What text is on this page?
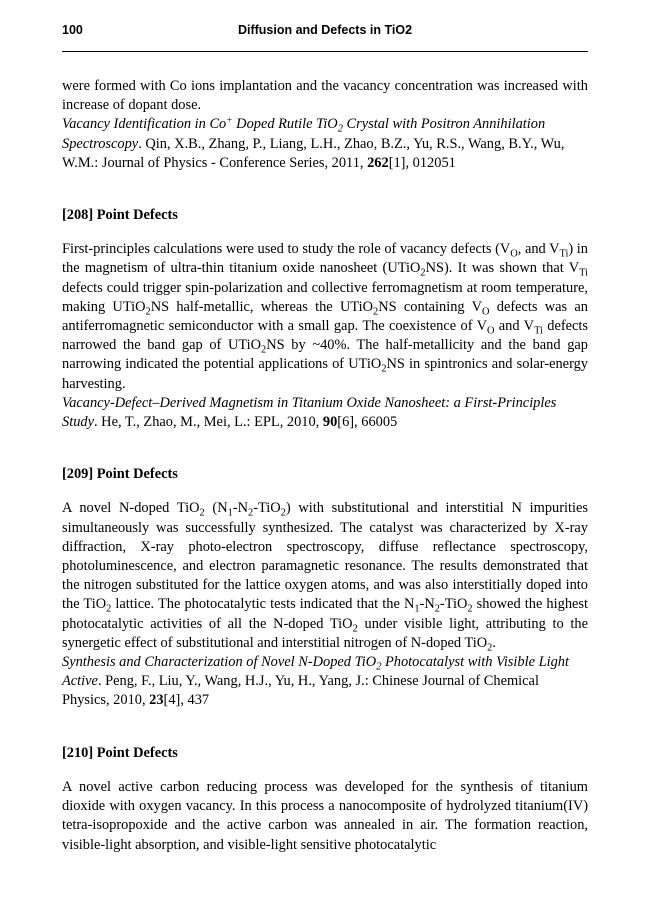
100	Diffusion and Defects in TiO2

were formed with Co ions implantation and the vacancy concentration was increased with increase of dopant dose.

Vacancy Identification in Co+ Doped Rutile TiO$_2$ Crystal with Positron Annihilation Spectroscopy. Qin, X.B., Zhang, P., Liang, L.H., Zhao, B.Z., Yu, R.S., Wang, B.Y., Wu, W.M.: Journal of Physics - Conference Series, 2011, 262[1], 012051

[208] Point Defects

First-principles calculations were used to study the role of vacancy defects ($V_O$, and $V_{Ti}$) in the magnetism of ultra-thin titanium oxide nanosheet (UTiO$_2$NS). It was shown that $V_{Ti}$ defects could trigger spin-polarization and collective ferromagnetism at room temperature, making UTiO$_2$NS half-metallic, whereas the UTiO$_2$NS containing $V_O$ defects was an antiferromagnetic semiconductor with a small gap. The coexistence of $V_O$ and $V_{Ti}$ defects narrowed the band gap of UTiO$_2$NS by ~40%. The half-metallicity and the band gap narrowing indicated the potential applications of UTiO$_2$NS in spintronics and solar-energy harvesting.

Vacancy-Defect–Derived Magnetism in Titanium Oxide Nanosheet: a First-Principles Study. He, T., Zhao, M., Mei, L.: EPL, 2010, 90[6], 66005

[209] Point Defects

A novel N-doped TiO$_2$ $(N_1-N_2-TiO_2)$ with substitutional and interstitial N impurities simultaneously was successfully synthesized. The catalyst was characterized by X-ray diffraction, X-ray photo-electron spectroscopy, diffuse reflectance spectroscopy, photoluminescence, and electron paramagnetic resonance. The results demonstrated that the nitrogen substituted for the lattice oxygen atoms, and was also interstitially doped into the TiO$_2$ lattice. The photocatalytic tests indicated that the $N_1-N_2-TiO_2$ showed the highest photocatalytic activities of all the N-doped TiO$_2$ under visible light, attributing to the synergetic effect of substitutional and interstitial nitrogen of N-doped TiO$_2$.

Synthesis and Characterization of Novel N-Doped TiO$_2$ Photocatalyst with Visible Light Active. Peng, F., Liu, Y., Wang, H.J., Yu, H., Yang, J.: Chinese Journal of Chemical Physics, 2010, 23[4], 437

[210] Point Defects

A novel active carbon reducing process was developed for the synthesis of titanium dioxide with oxygen vacancy. In this process a nanocomposite of hydrolyzed titanium(IV) tetra-isopropoxide and the active carbon was annealed in air. The formation reaction, visible-light absorption, and visible-light sensitive photocatalytic
